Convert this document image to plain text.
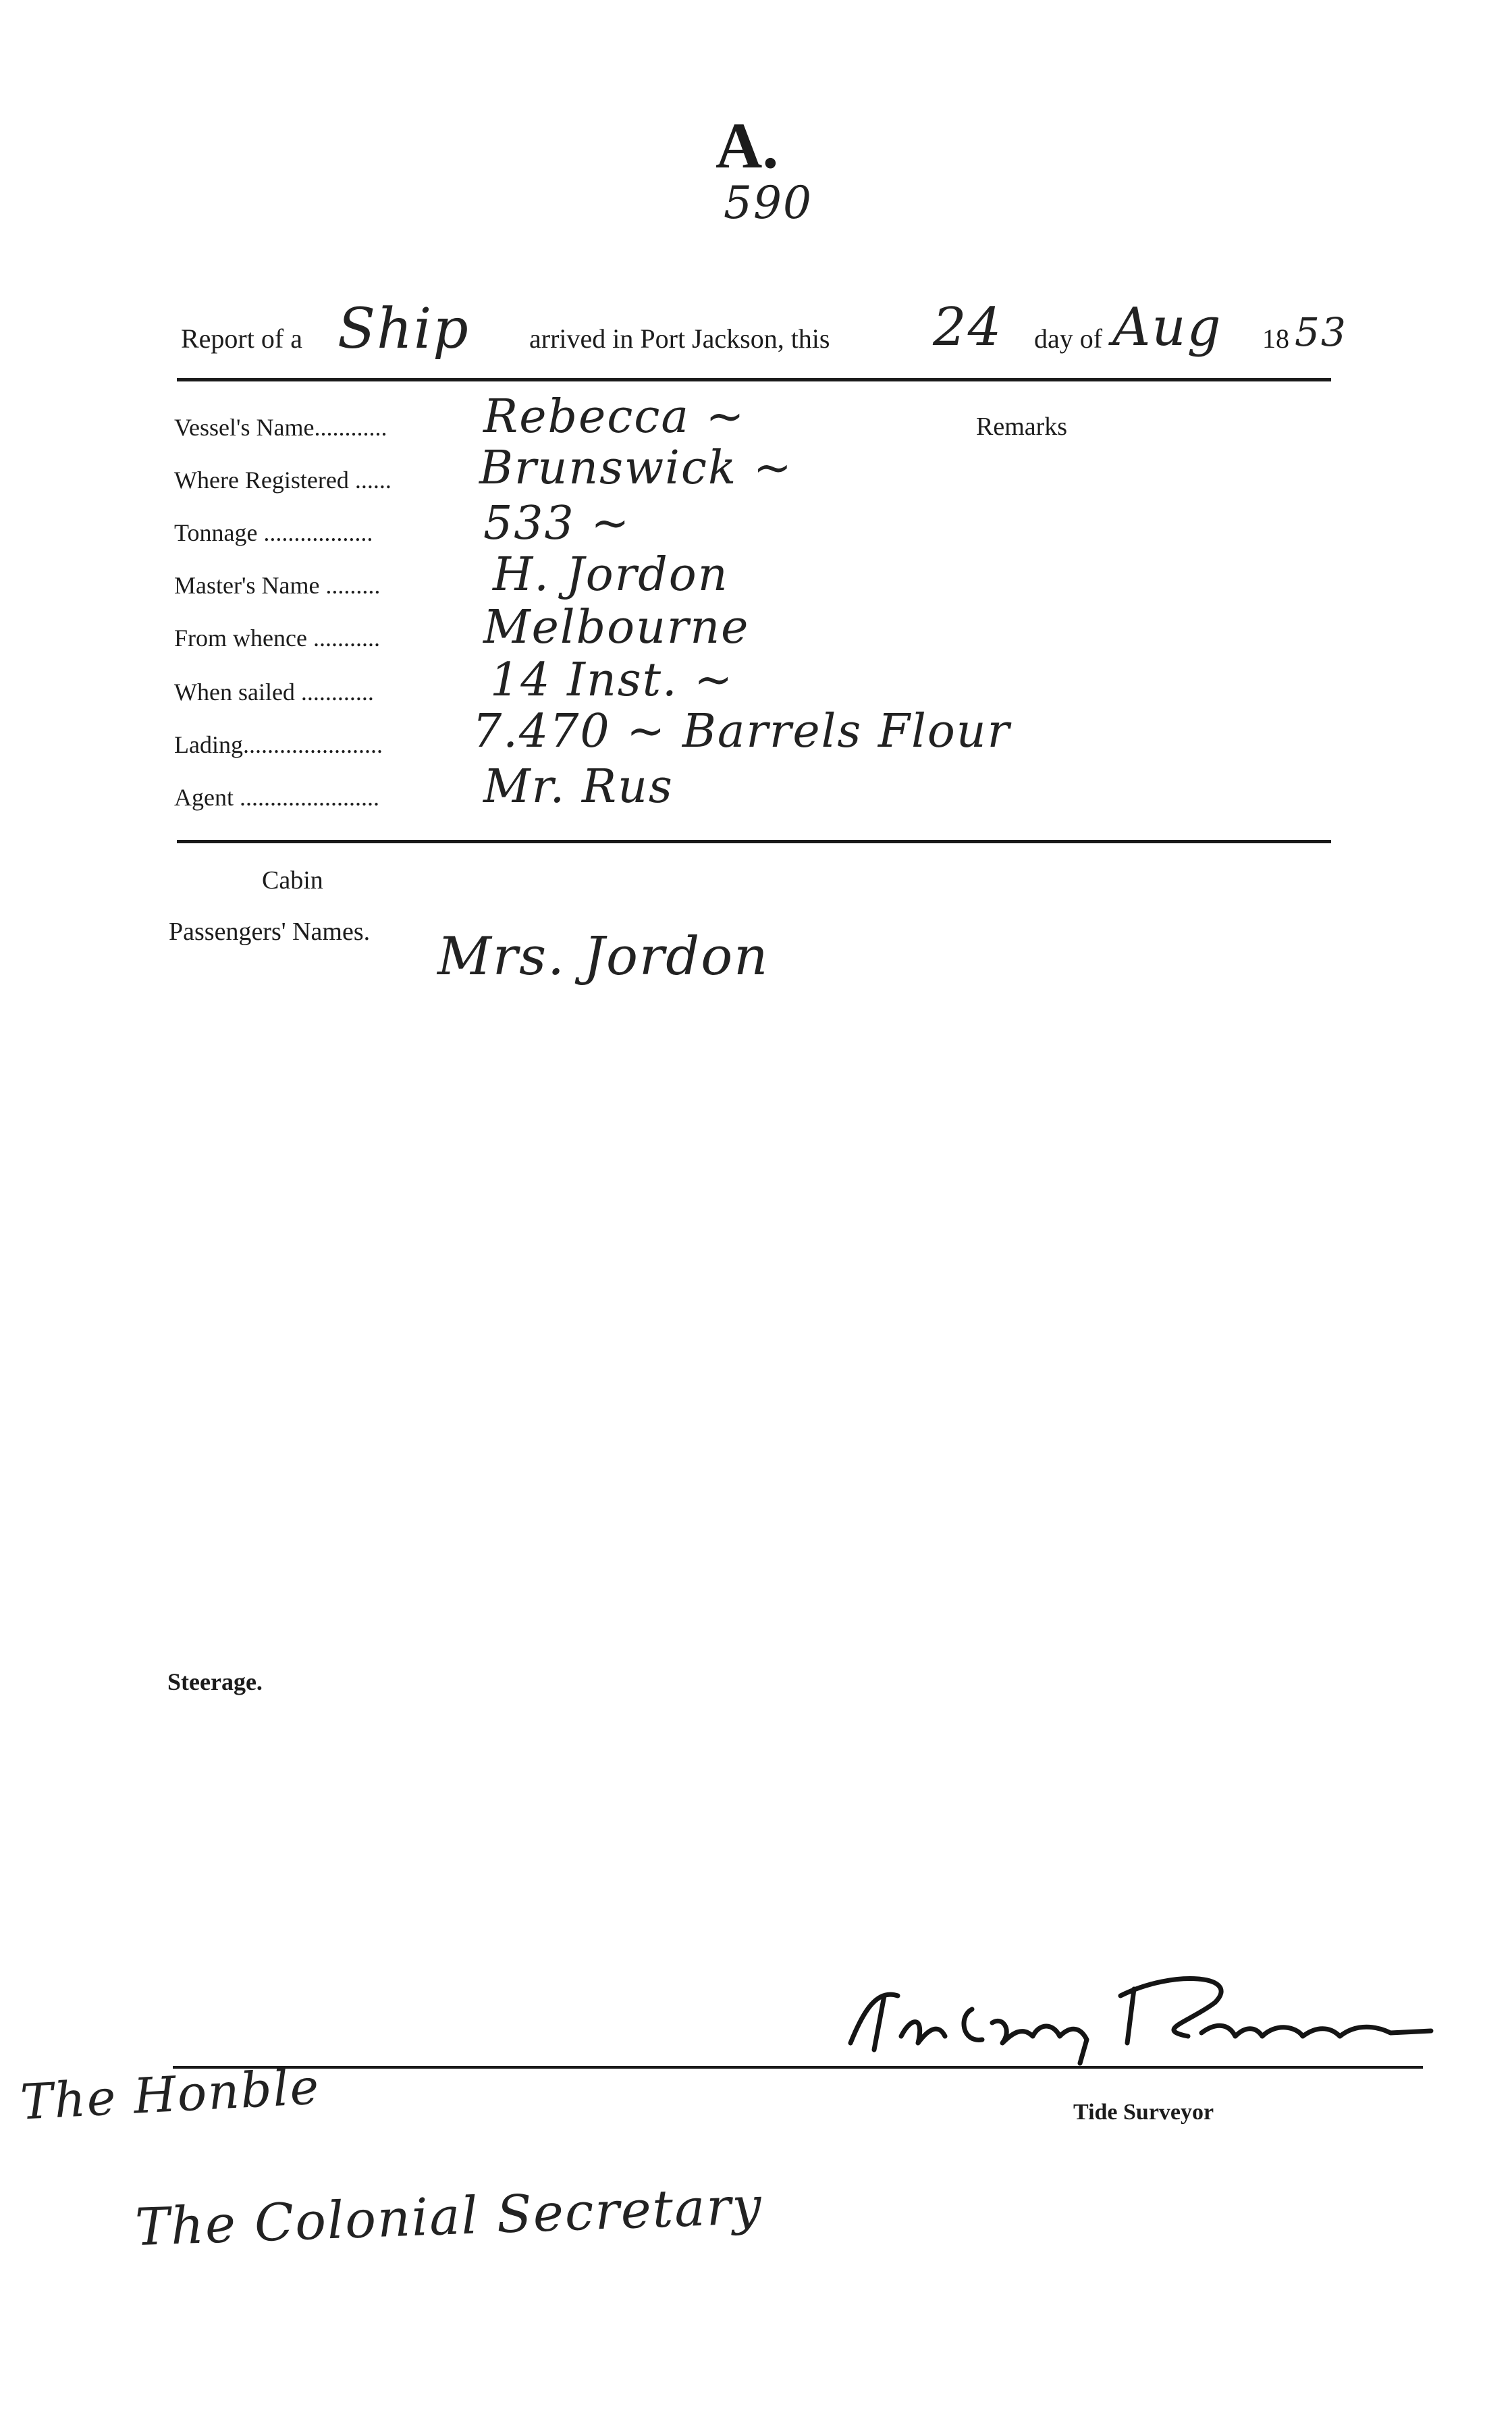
A.
590
Report of a Ship arrived in Port Jackson, this 24 day of Aug 18 53
Vessel's Name............ Rebecca ~
Where Registered ...... Brunswick ~
Tonnage .................. 533 ~
Master's Name ......... H. Jordon
From whence ........... Melbourne
When sailed ............	14 Inst. ~
Lading....................... 7.470 ~ Barrels Flour
Agent ....................... Mr. Rus
Remarks
Cabin
Passengers' Names. Mrs. Jordon
Steerage.
Tide Surveyor
The Honble
The Colonial Secretary
